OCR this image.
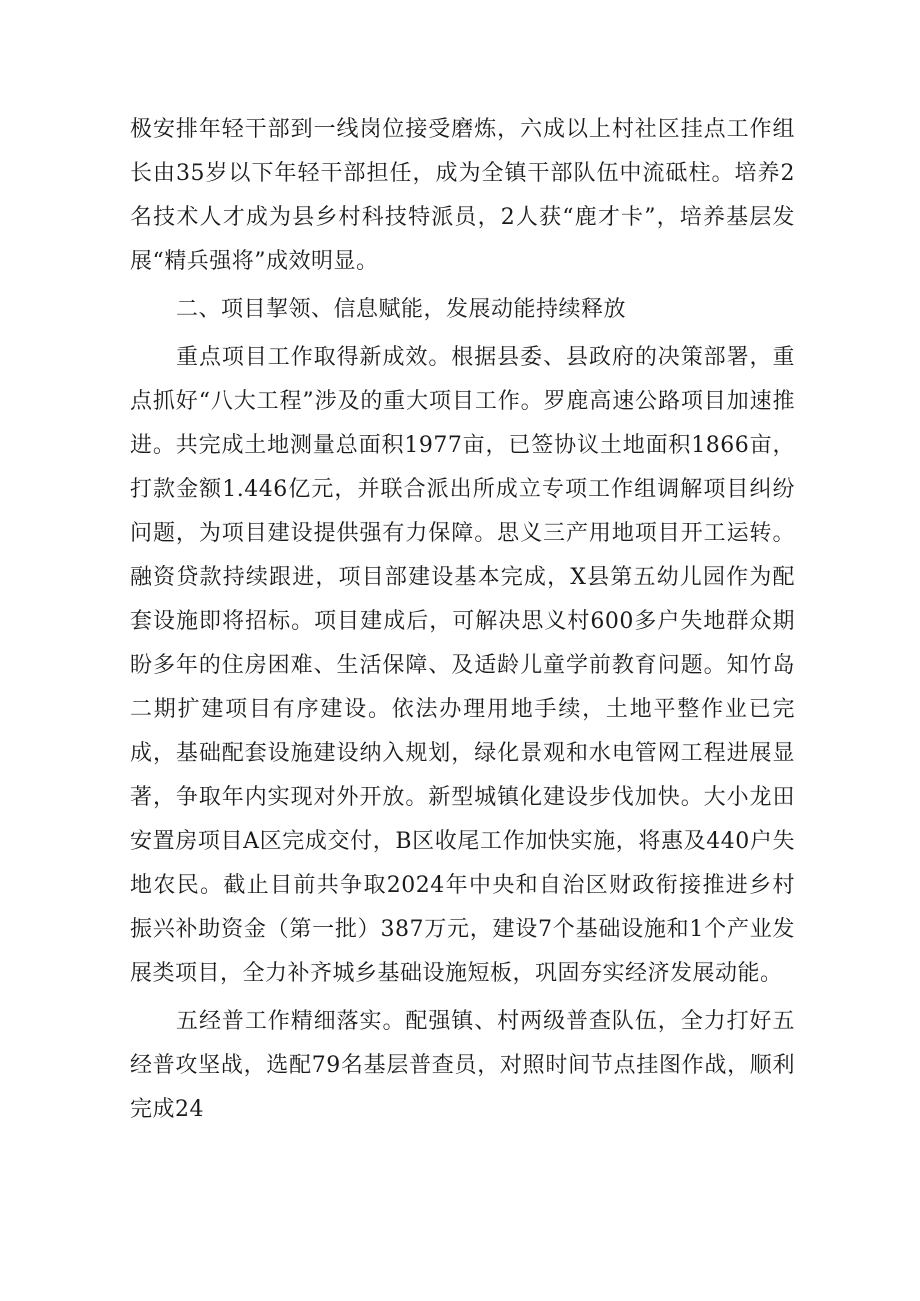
极安排年轻干部到一线岗位接受磨炼，六成以上村社区挂点工作组长由35岁以下年轻干部担任，成为全镇干部队伍中流砥柱。培养2名技术人才成为县乡村科技特派员，2人获“鹿才卡”，培养基层发展“精兵强将”成效明显。

二、项目挈领、信息赋能，发展动能持续释放

重点项目工作取得新成效。根据县委、县政府的决策部署，重点抓好“八大工程”涉及的重大项目工作。罗鹿高速公路项目加速推进。共完成土地测量总面积1977亩，已签协议土地面积1866亩，打款金额1.446亿元，并联合派出所成立专项工作组调解项目纠纷问题，为项目建设提供强有力保障。思义三产用地项目开工运转。融资贷款持续跟进，项目部建设基本完成，X县第五幼儿园作为配套设施即将招标。项目建成后，可解决思义村600多户失地群众期盼多年的住房困难、生活保障、及适龄儿童学前教育问题。知竹岛二期扩建项目有序建设。依法办理用地手续，土地平整作业已完成，基础配套设施建设纳入规划，绿化景观和水电管网工程进展显著，争取年内实现对外开放。新型城镇化建设步伐加快。大小龙田安置房项目A区完成交付，B区收尾工作加快实施，将惠及440户失地农民。截止目前共争取2024年中央和自治区财政衔接推进乡村振兴补助资金（第一批）387万元，建设7个基础设施和1个产业发展类项目，全力补齐城乡基础设施短板，巩固夯实经济发展动能。

五经普工作精细落实。配强镇、村两级普查队伍，全力打好五经普攻坚战，选配79名基层普查员，对照时间节点挂图作战，顺利完成24
